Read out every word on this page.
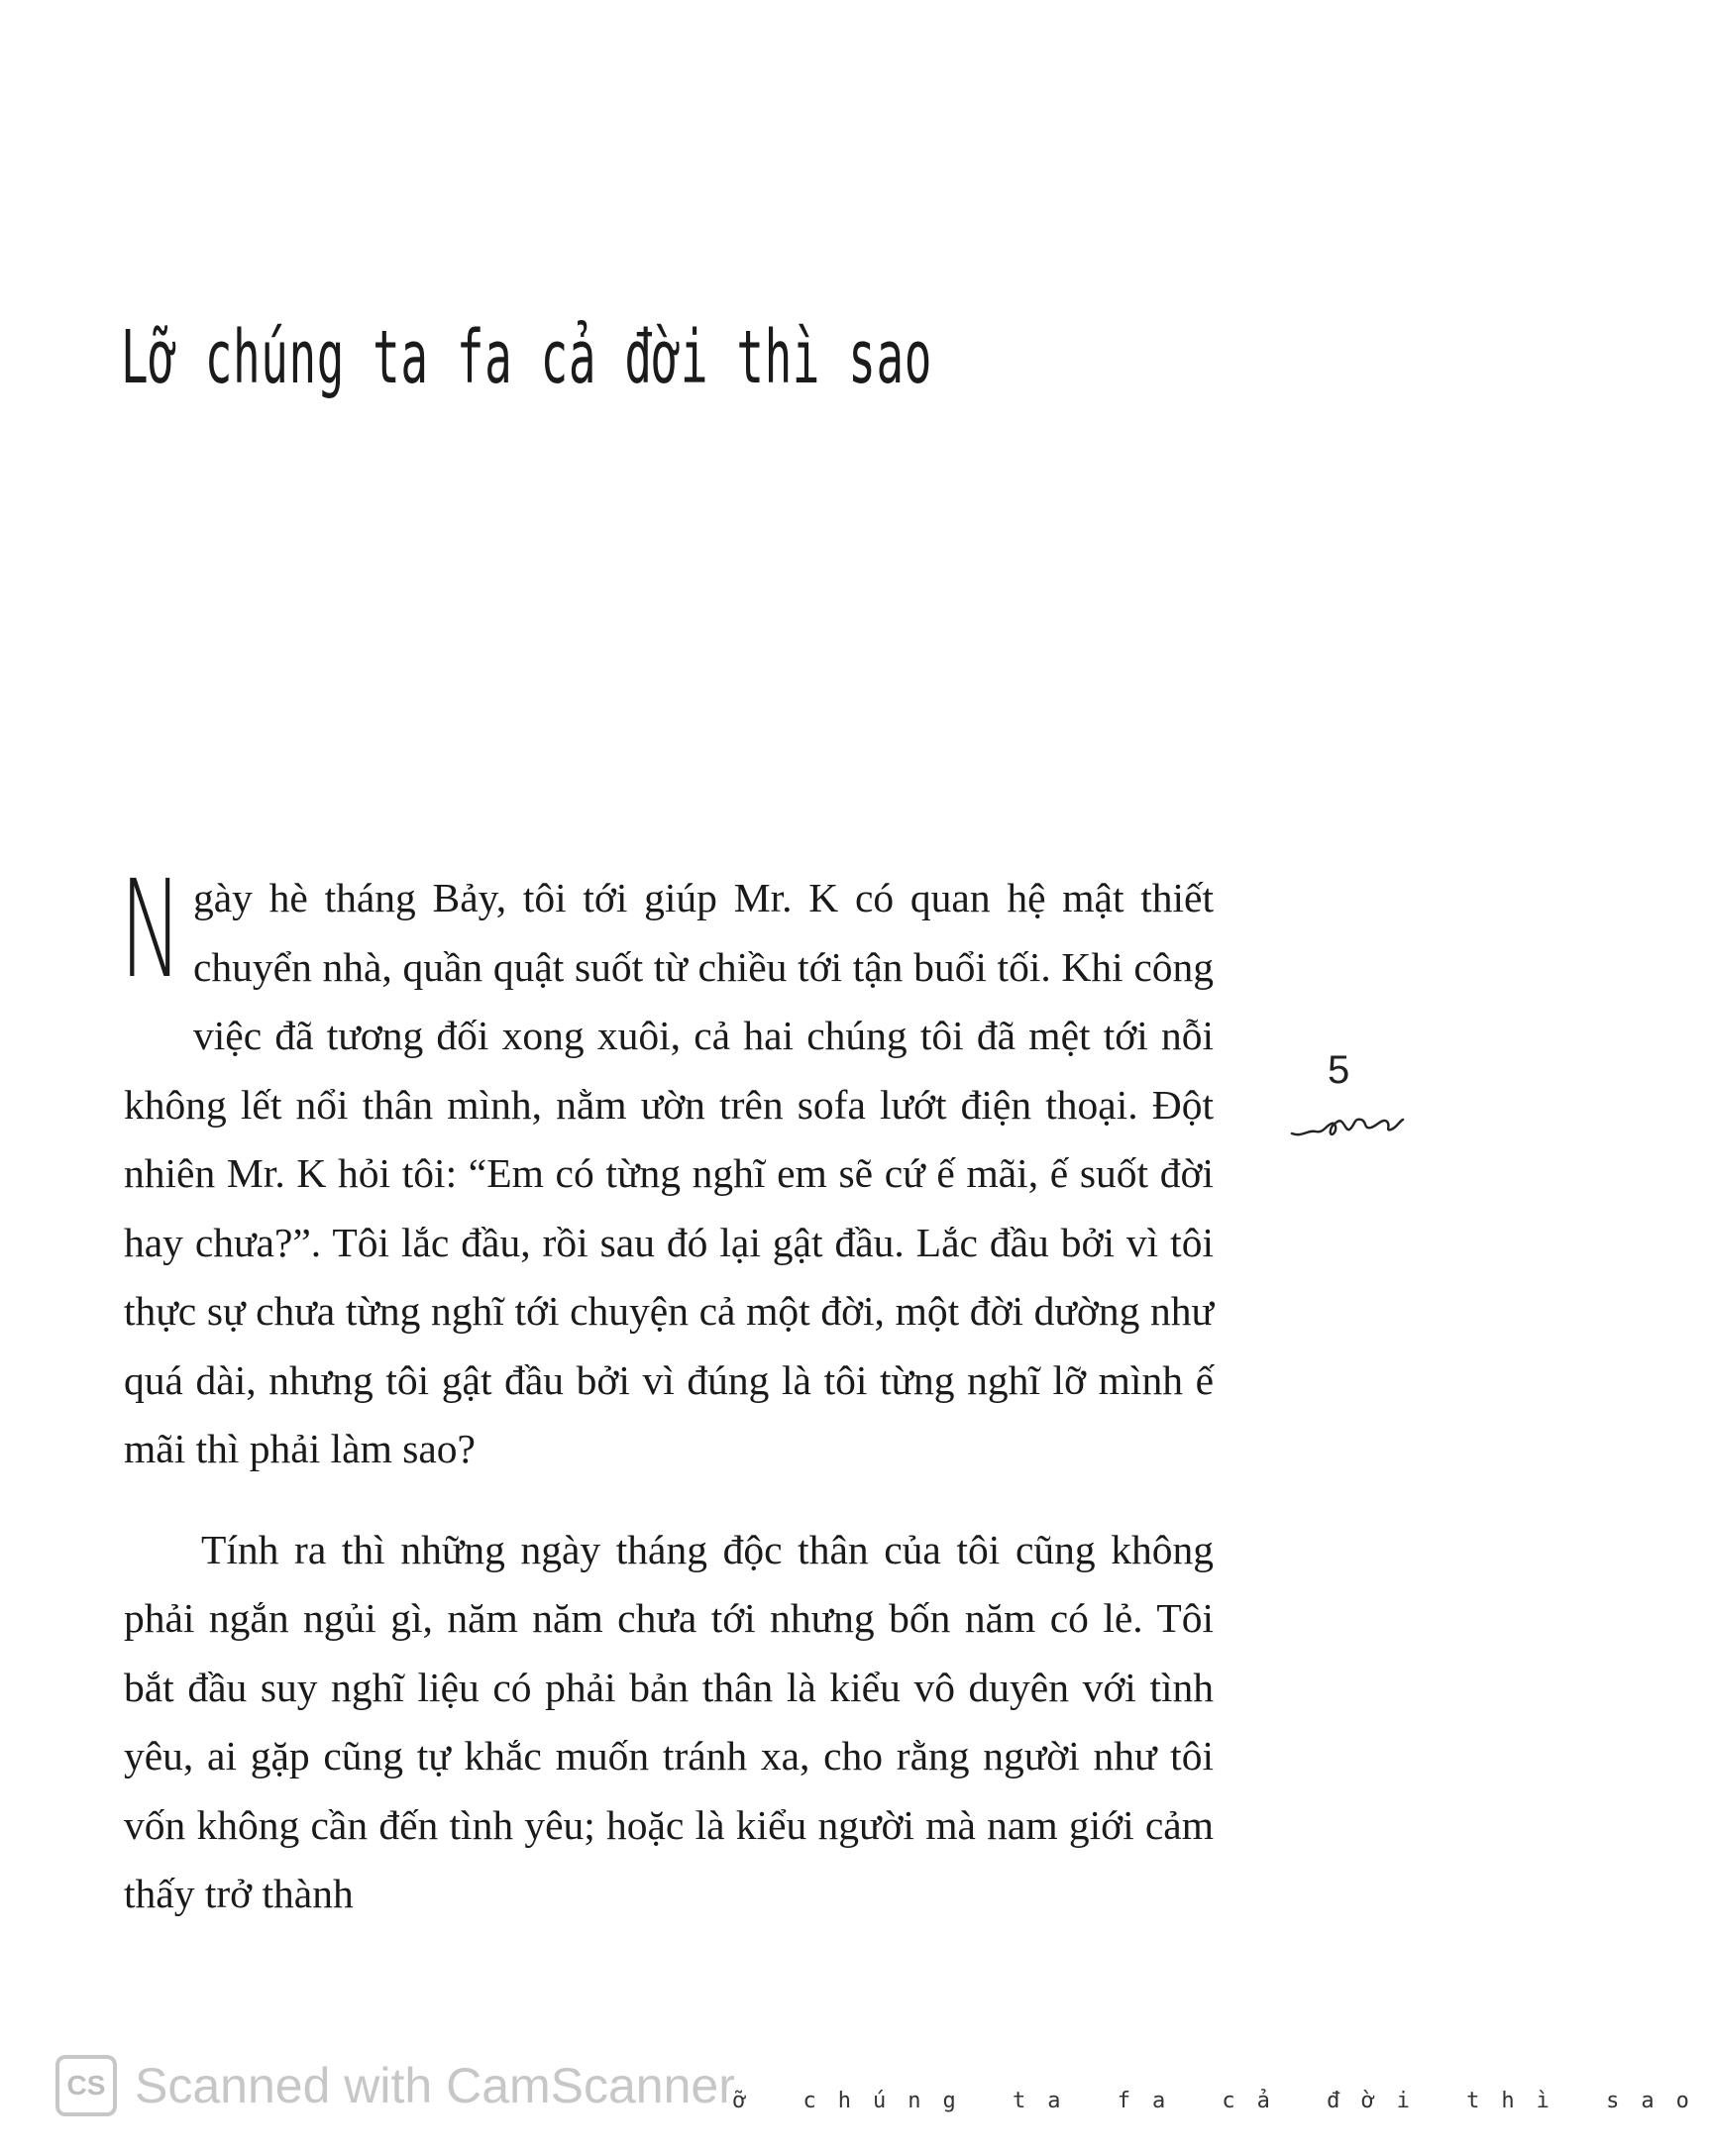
Lỡ chúng ta fa cả đời thì sao

Ngày hè tháng Bảy, tôi tới giúp Mr. K có quan hệ mật thiết chuyển nhà, quần quật suốt từ chiều tới tận buổi tối. Khi công việc đã tương đối xong xuôi, cả hai chúng tôi đã mệt tới nỗi không lết nổi thân mình, nằm ườn trên sofa lướt điện thoại. Đột nhiên Mr. K hỏi tôi: “Em có từng nghĩ em sẽ cứ ế mãi, ế suốt đời hay chưa?”. Tôi lắc đầu, rồi sau đó lại gật đầu. Lắc đầu bởi vì tôi thực sự chưa từng nghĩ tới chuyện cả một đời, một đời dường như quá dài, nhưng tôi gật đầu bởi vì đúng là tôi từng nghĩ lỡ mình ế mãi thì phải làm sao?

Tính ra thì những ngày tháng độc thân của tôi cũng không phải ngắn ngủi gì, năm năm chưa tới nhưng bốn năm có lẻ. Tôi bắt đầu suy nghĩ liệu có phải bản thân là kiểu vô duyên với tình yêu, ai gặp cũng tự khắc muốn tránh xa, cho rằng người như tôi vốn không cần đến tình yêu; hoặc là kiểu người mà nam giới cảm thấy trở thành

5
ỡ chúng ta fa cả đời thì sao
CS Scanned with CamScanner
